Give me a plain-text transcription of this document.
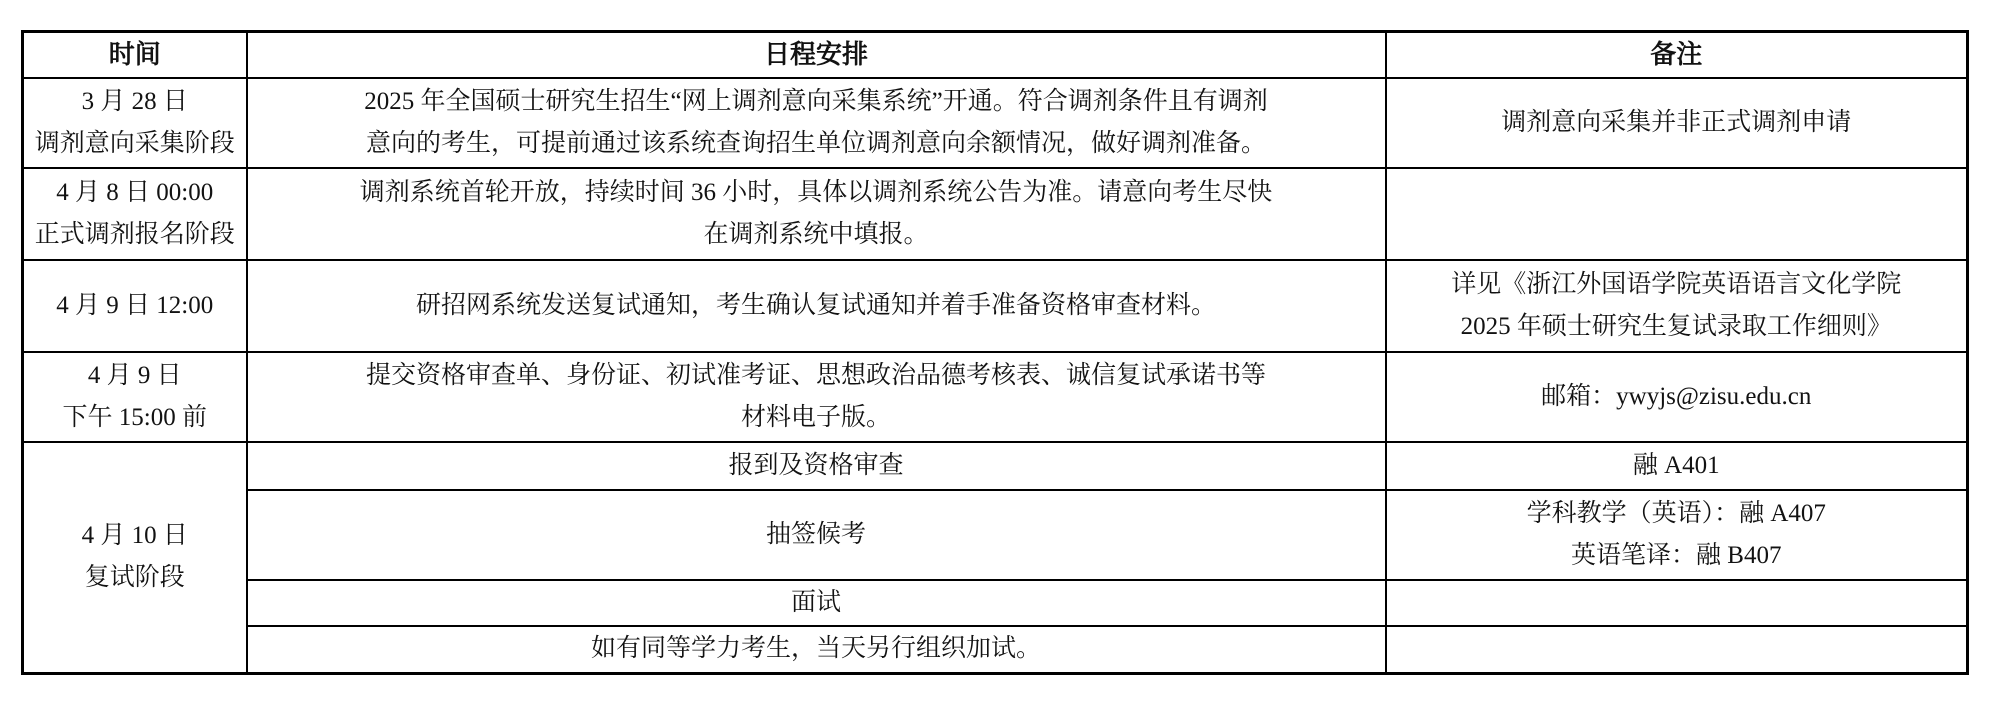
时间	日程安排	备注

3 月 28 日
调剂意向采集阶段	2025 年全国硕士研究生招生“网上调剂意向采集系统”开通。符合调剂条件且有调剂
意向的考生，可提前通过该系统查询招生单位调剂意向余额情况，做好调剂准备。	调剂意向采集并非正式调剂申请

4 月 8 日 00:00
正式调剂报名阶段	调剂系统首轮开放，持续时间 36 小时，具体以调剂系统公告为准。请意向考生尽快
在调剂系统中填报。	

4 月 9 日 12:00	研招网系统发送复试通知，考生确认复试通知并着手准备资格审查材料。	详见《浙江外国语学院英语语言文化学院
2025 年硕士研究生复试录取工作细则》

4 月 9 日
下午 15:00 前	提交资格审查单、身份证、初试准考证、思想政治品德考核表、诚信复试承诺书等
材料电子版。	邮箱：ywyjs@zisu.edu.cn

4 月 10 日
复试阶段	报到及资格审查	融 A401

	抽签候考	学科教学（英语）：融 A407
英语笔译：融 B407

	面试	

	如有同等学力考生，当天另行组织加试。	
